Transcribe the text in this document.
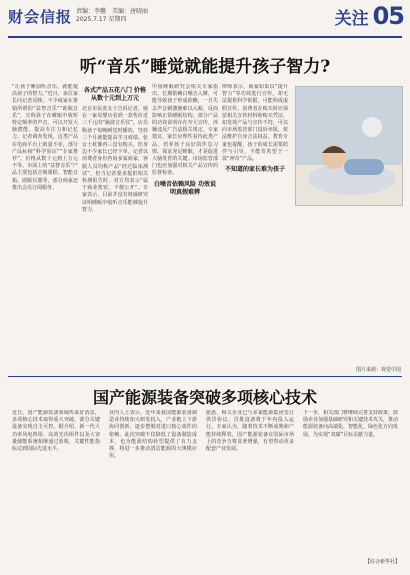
财会信报 责编：李馨　美编：唐晓丽
2025.7.17 星期四	关注 05
听“音乐”睡觉就能提升孩子智力?
“让孩子睡前听音乐，就能提高孩子的智力。”近日，多位家长向记者反映，不少商家在推销所谓的“益智音乐”“助眠音乐”，宣称孩子在睡眠中收听特定频率的声音，可以开发大脑潜能、提高专注力和记忆力。记者调查发现，这类产品在电商平台上销量不菲，部分产品标榜“科学验证”“专家推荐”，价格从数十元到上万元不等。市面上的“益智音乐”产品主要包括音频课程、智能音箱、助眠仪器等，部分商家还推出会员订阅服务。
各式产品五花八门 价格从数十元到上万元
北京市民张女士告诉记者，她在一家母婴店看到一款售价近三千元的“脑波音乐仪”，店员称孩子每晚睡觉时播放，坚持三个月就能提高学习成绩。张女士犹豫再三没有购买，但身边不少家长已经下单。记者以消费者身份咨询多家商家，客服人员均称产品“经过临床测试”，但当记者要求提供相关检测报告时，对方均表示“属于商业机密，不便公开”。专家表示，目前并没有权威研究证明睡眠中收听音乐能够提升智力。
中国睡眠研究会相关专家指出，长期依赖白噪音入睡，可能导致孩子形成依赖，一旦失去声音刺激便难以入眠，反而影响正常睡眠结构。部分产品的功效说明存在夸大宣传，涉嫌违反广告法相关规定。专家建议，家长应理性看待此类产品，培养孩子良好的作息习惯、保证充足睡眠，才是促进大脑发育的关键。市场监管部门也应加强对相关产品宣传的监督检查。
白噪音依赖风险 功效说明真假难辨
律师表示，商家如果以“提升智力”等功效进行宣传，却无法提供科学依据，可能构成虚假宣传。消费者在购买时应保留相关宣传材料和购买凭证，如发现产品与宣传不符，可以向市场监管部门投诉举报，依法维护自身合法权益。教育专家也提醒，孩子的成长需要陪伴与引导，不能寄希望于一款“神奇”产品。
不知道的家长难为孩子
图片来源：视觉中国
国产能源装备突破多项核心技术
近日，国产能源装备领域传来好消息，多项核心技术取得重大突破，部分关键设备实现自主可控。据介绍，新一代大功率风电机组、高效光伏组件以及大容量储能系统相继通过验收，关键性能指标达到国际先进水平。
业内人士表示，近年来我国能源装备制造业持续加大研发投入，产业链上下游协同创新，逐步摆脱对进口核心部件的依赖。此次突破不仅降低了设备制造成本，也为能源结构转型提供了有力支撑，将进一步推动清洁能源的大规模应用。
据悉，相关企业已与多家能源集团签订供货协议，首批设备将于年内投入运行。专家认为，随着技术不断成熟和产能持续释放，国产能源装备在国际市场上的竞争力将显著增强，有望带动更多配套产业发展。
下一步，相关部门将继续完善支持政策，鼓励企业加强基础研究和关键技术攻关，推动能源装备向高端化、智能化、绿色化方向发展，为实现“双碳”目标贡献力量。
【综合新华社】
